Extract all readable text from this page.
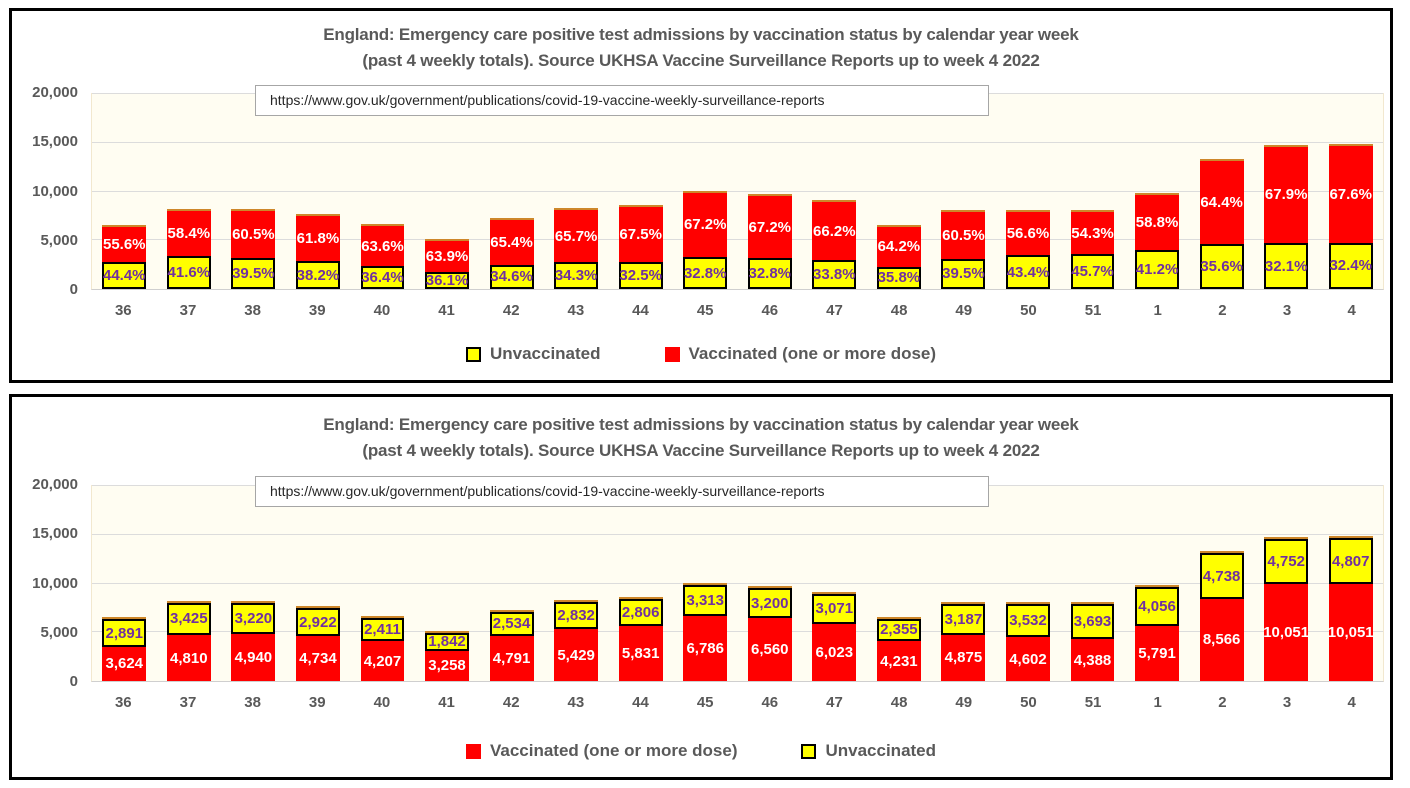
England: Emergency care positive test admissions by vaccination status by calendar year week
(past 4 weekly totals). Source UKHSA Vaccine Surveillance Reports up to week 4 2022
https://www.gov.uk/government/publications/covid-19-vaccine-weekly-surveillance-reports
20,000
15,000
10,000
5,000
0
55.6%
44.4%
58.4%
41.6%
60.5%
39.5%
61.8%
38.2%
63.6%
36.4%
63.9%
36.1%
65.4%
34.6%
65.7%
34.3%
67.5%
32.5%
67.2%
32.8%
67.2%
32.8%
66.2%
33.8%
64.2%
35.8%
60.5%
39.5%
56.6%
43.4%
54.3%
45.7%
58.8%
41.2%
64.4%
35.6%
67.9%
32.1%
67.6%
32.4%
36	37	38	39	40	41	42	43	44	45	46	47	48	49	50	51	1	2	3	4
Unvaccinated	Vaccinated (one or more dose)
England: Emergency care positive test admissions by vaccination status by calendar year week
(past 4 weekly totals). Source UKHSA Vaccine Surveillance Reports up to week 4 2022
https://www.gov.uk/government/publications/covid-19-vaccine-weekly-surveillance-reports
20,000
15,000
10,000
5,000
0
2,891
3,624
3,425
4,810
3,220
4,940
2,922
4,734
2,411
4,207
1,842
3,258
2,534
4,791
2,832
5,429
2,806
5,831
3,313
6,786
3,200
6,560
3,071
6,023
2,355
4,231
3,187
4,875
3,532
4,602
3,693
4,388
4,056
5,791
4,738
8,566
4,752
10,051
4,807
10,051
36	37	38	39	40	41	42	43	44	45	46	47	48	49	50	51	1	2	3	4
Vaccinated (one or more dose)	Unvaccinated
